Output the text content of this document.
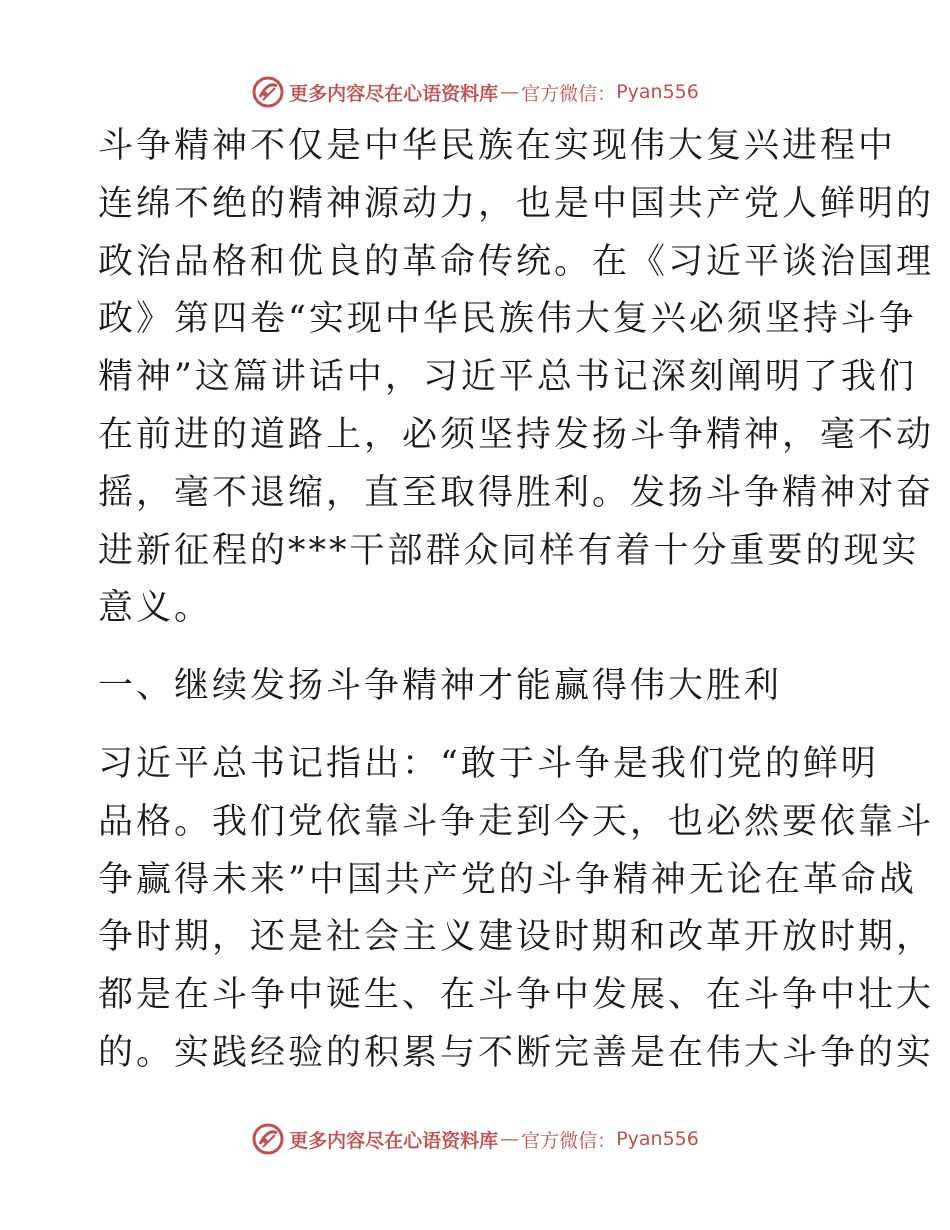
更多内容尽在心语资料库 — 官方微信： Pyan556

斗争精神不仅是中华民族在实现伟大复兴进程中
连绵不绝的精神源动力，也是中国共产党人鲜明的
政治品格和优良的革命传统。在《习近平谈治国理
政》第四卷“实现中华民族伟大复兴必须坚持斗争
精神”这篇讲话中，习近平总书记深刻阐明了我们
在前进的道路上，必须坚持发扬斗争精神，毫不动
摇，毫不退缩，直至取得胜利。发扬斗争精神对奋
进新征程的***干部群众同样有着十分重要的现实
意义。

一、继续发扬斗争精神才能赢得伟大胜利

习近平总书记指出：“敢于斗争是我们党的鲜明
品格。我们党依靠斗争走到今天，也必然要依靠斗
争赢得未来”中国共产党的斗争精神无论在革命战
争时期，还是社会主义建设时期和改革开放时期，
都是在斗争中诞生、在斗争中发展、在斗争中壮大
的。实践经验的积累与不断完善是在伟大斗争的实

更多内容尽在心语资料库 — 官方微信： Pyan556
